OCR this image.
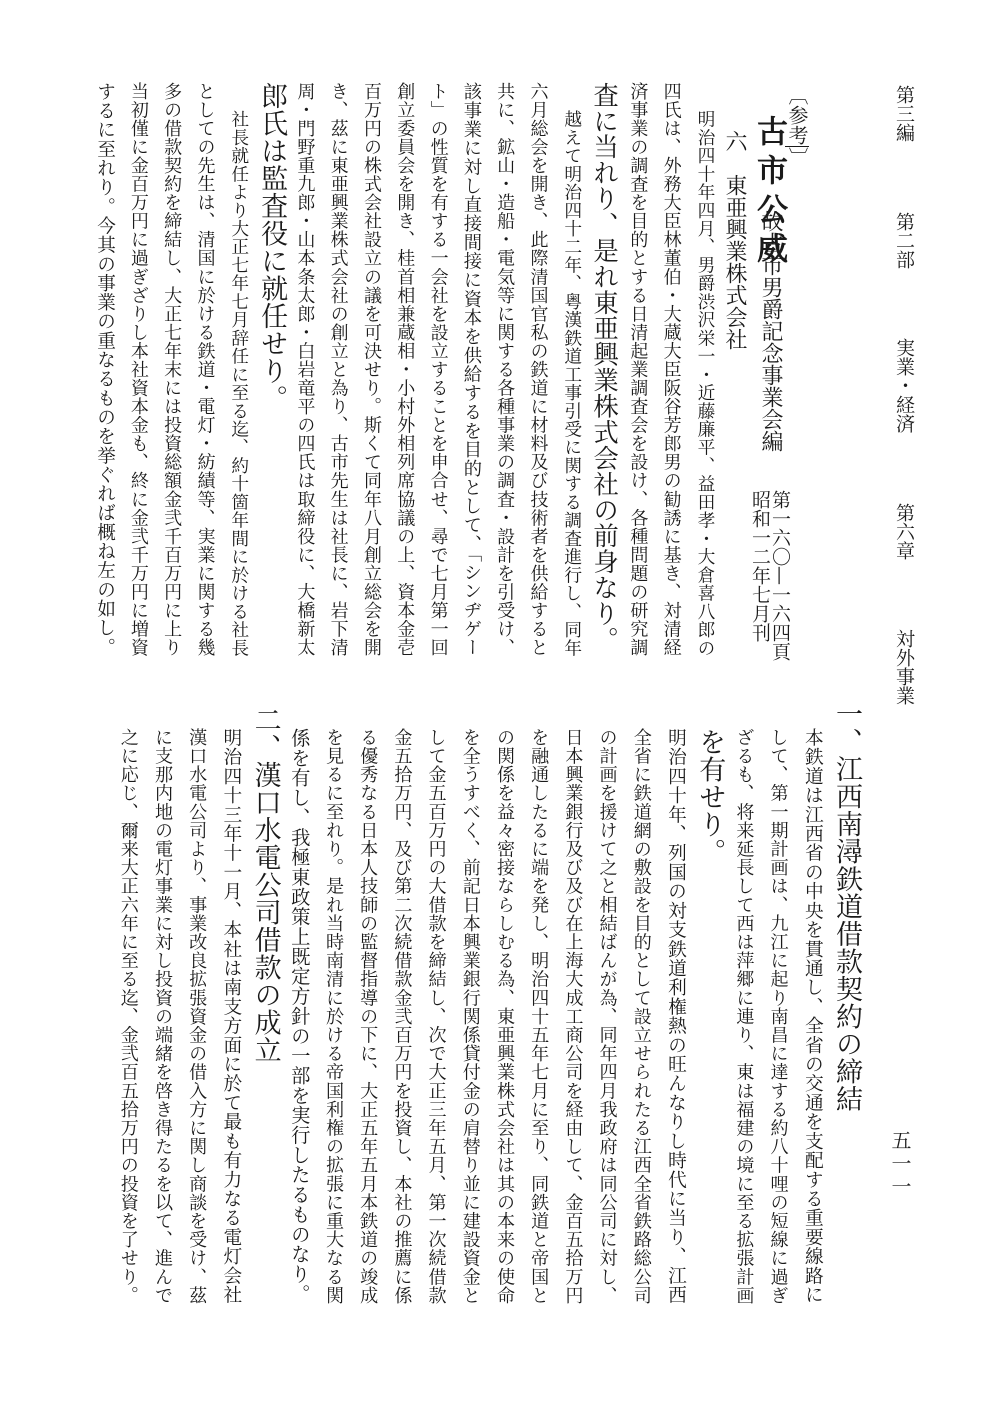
第三編
第二部
実業・経済
第六章
対外事業
五一一
〔参考〕
古市公威
故古市男爵記念事業会編
第一六〇—一六四頁
昭和一二年七月刊
六　東亜興業株式会社
明治四十年四月、男爵渋沢栄一・近藤廉平、益田孝・大倉喜八郎の
四氏は、外務大臣林董伯・大蔵大臣阪谷芳郎男の勧誘に基き、対清経
済事業の調査を目的とする日清起業調査会を設け、各種問題の研究調
査に当れり、是れ東亜興業株式会社の前身なり。
越えて明治四十二年、粤漢鉄道工事引受に関する調査進行し、同年
六月総会を開き、此際清国官私の鉄道に材料及び技術者を供給すると
共に、鉱山・造船・電気等に関する各種事業の調査・設計を引受け、
該事業に対し直接間接に資本を供給するを目的として、「シンヂゲー
ト」の性質を有する一会社を設立することを申合せ、尋で七月第一回
創立委員会を開き、桂首相兼蔵相・小村外相列席協議の上、資本金壱
百万円の株式会社設立の議を可決せり。斯くて同年八月創立総会を開
き、茲に東亜興業株式会社の創立と為り、古市先生は社長に、岩下清
周・門野重九郎・山本条太郎・白岩竜平の四氏は取締役に、大橋新太
郎氏は監査役に就任せり。
社長就任より大正七年七月辞任に至る迄、約十箇年間に於ける社長
としての先生は、清国に於ける鉄道・電灯・紡績等、実業に関する幾
多の借款契約を締結し、大正七年末には投資総額金弐千百万円に上り
当初僅に金百万円に過ぎざりし本社資本金も、終に金弐千万円に増資
するに至れり。今其の事業の重なるものを挙ぐれば概ね左の如し。
一、江西南潯鉄道借款契約の締結
本鉄道は江西省の中央を貫通し、全省の交通を支配する重要線路に
して、第一期計画は、九江に起り南昌に達する約八十哩の短線に過ぎ
ざるも、将来延長して西は萍郷に連り、東は福建の境に至る拡張計画
を有せり。
明治四十年、列国の対支鉄道利権熱の旺んなりし時代に当り、江西
全省に鉄道網の敷設を目的として設立せられたる江西全省鉄路総公司
の計画を援けて之と相結ばんが為、同年四月我政府は同公司に対し、
日本興業銀行及び及び在上海大成工商公司を経由して、金百五拾万円
を融通したるに端を発し、明治四十五年七月に至り、同鉄道と帝国と
の関係を益々密接ならしむる為、東亜興業株式会社は其の本来の使命
を全うすべく、前記日本興業銀行関係貸付金の肩替り並に建設資金と
して金五百万円の大借款を締結し、次で大正三年五月、第一次続借款
金五拾万円、及び第二次続借款金弐百万円を投資し、本社の推薦に係
る優秀なる日本人技師の監督指導の下に、大正五年五月本鉄道の竣成
を見るに至れり。是れ当時南清に於ける帝国利権の拡張に重大なる関
係を有し、我極東政策上既定方針の一部を実行したるものなり。
二、漢口水電公司借款の成立
明治四十三年十一月、本社は南支方面に於て最も有力なる電灯会社
漢口水電公司より、事業改良拡張資金の借入方に関し商談を受け、茲
に支那内地の電灯事業に対し投資の端緒を啓き得たるを以て、進んで
之に応じ、爾来大正六年に至る迄、金弐百五拾万円の投資を了せり。
